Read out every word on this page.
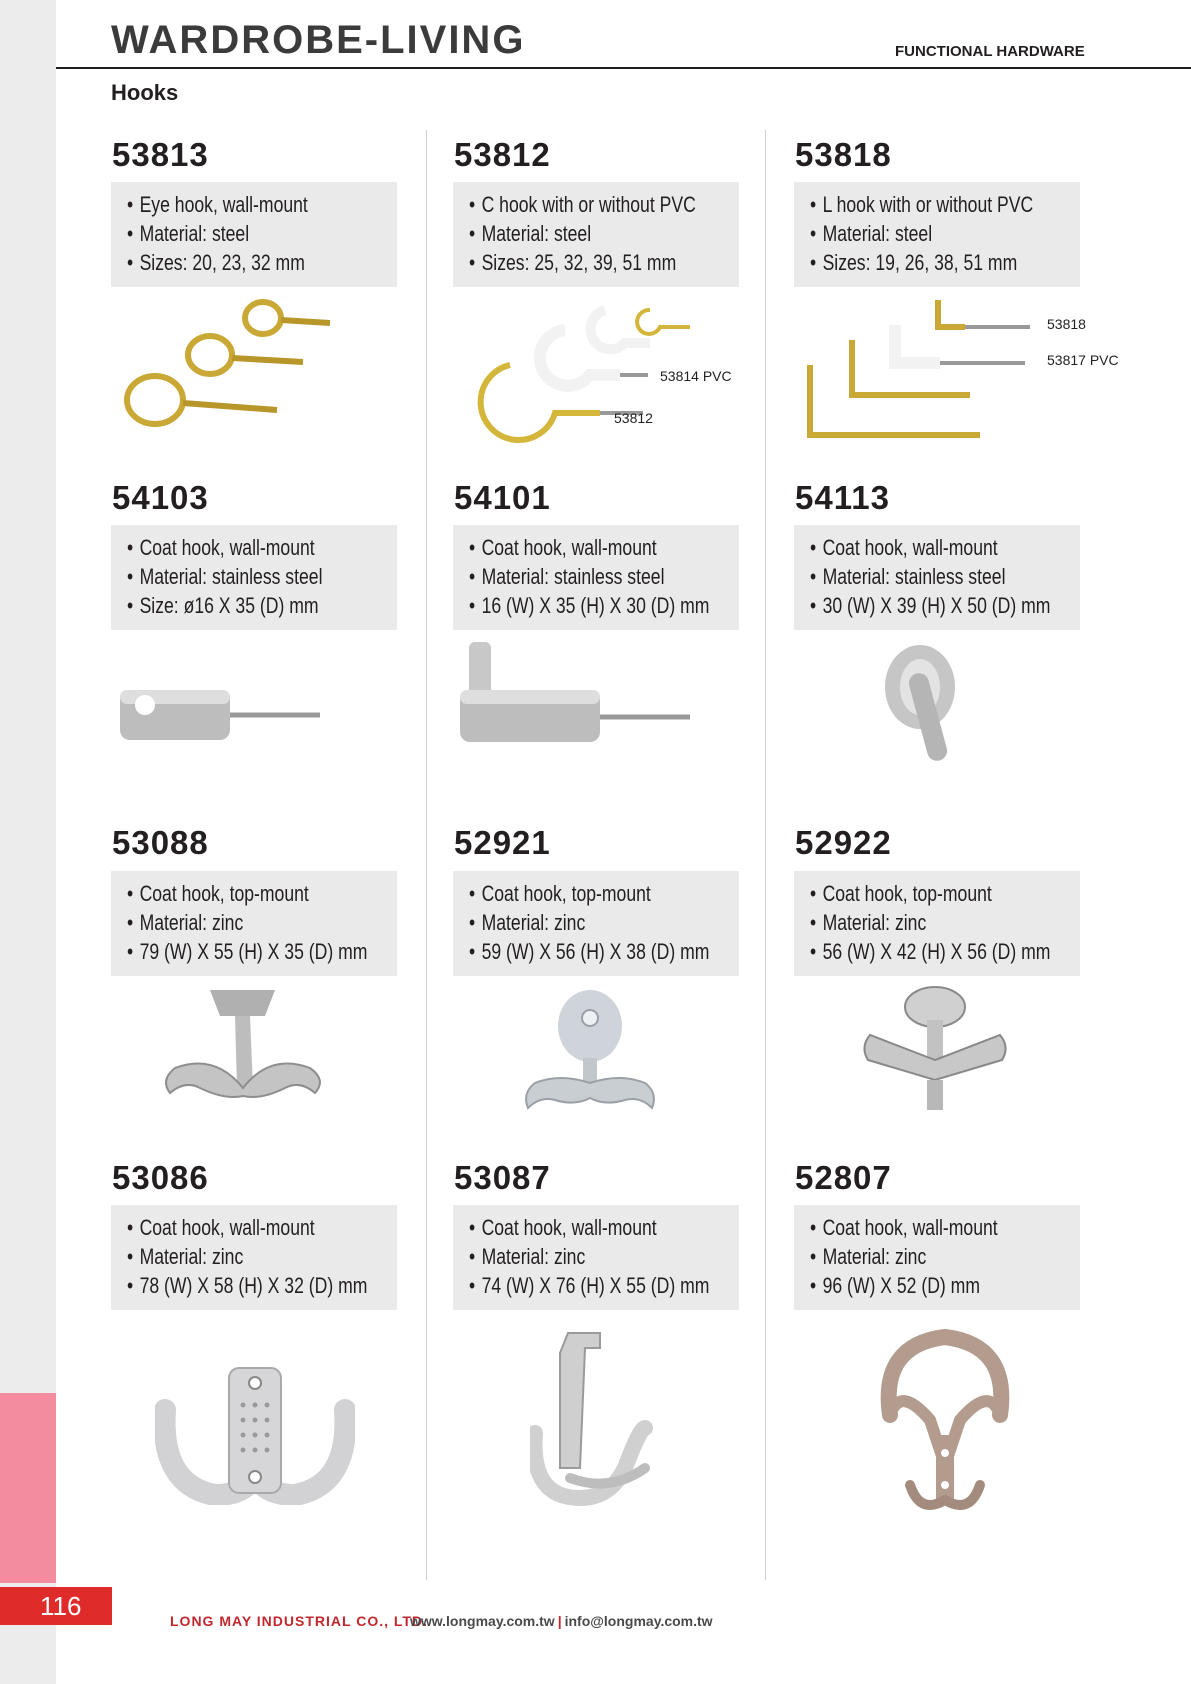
116
WARDROBE-LIVING	FUNCTIONAL HARDWARE
Hooks
53813
• Eye hook, wall-mount
• Material: steel
• Sizes: 20, 23, 32 mm
53812
• C hook with or without PVC
• Material: steel
• Sizes: 25, 32, 39, 51 mm
53818
• L hook with or without PVC
• Material: steel
• Sizes: 19, 26, 38, 51 mm
53814 PVC
53812
53818
53817 PVC
54103
• Coat hook, wall-mount
• Material: stainless steel
• Size: ø16 X 35 (D) mm
54101
• Coat hook, wall-mount
• Material: stainless steel
• 16 (W) X 35 (H) X 30 (D) mm
54113
• Coat hook, wall-mount
• Material: stainless steel
• 30 (W) X 39 (H) X 50 (D) mm
53088
• Coat hook, top-mount
• Material: zinc
• 79 (W) X 55 (H) X 35 (D) mm
52921
• Coat hook, top-mount
• Material: zinc
• 59 (W) X 56 (H) X 38 (D) mm
52922
• Coat hook, top-mount
• Material: zinc
• 56 (W) X 42 (H) X 56 (D) mm
53086
• Coat hook, wall-mount
• Material: zinc
• 78 (W) X 58 (H) X 32 (D) mm
53087
• Coat hook, wall-mount
• Material: zinc
• 74 (W) X 76 (H) X 55 (D) mm
52807
• Coat hook, wall-mount
• Material: zinc
• 96 (W) X 52 (D) mm
LONG MAY INDUSTRIAL CO., LTD.
www.longmay.com.tw | info@longmay.com.tw
